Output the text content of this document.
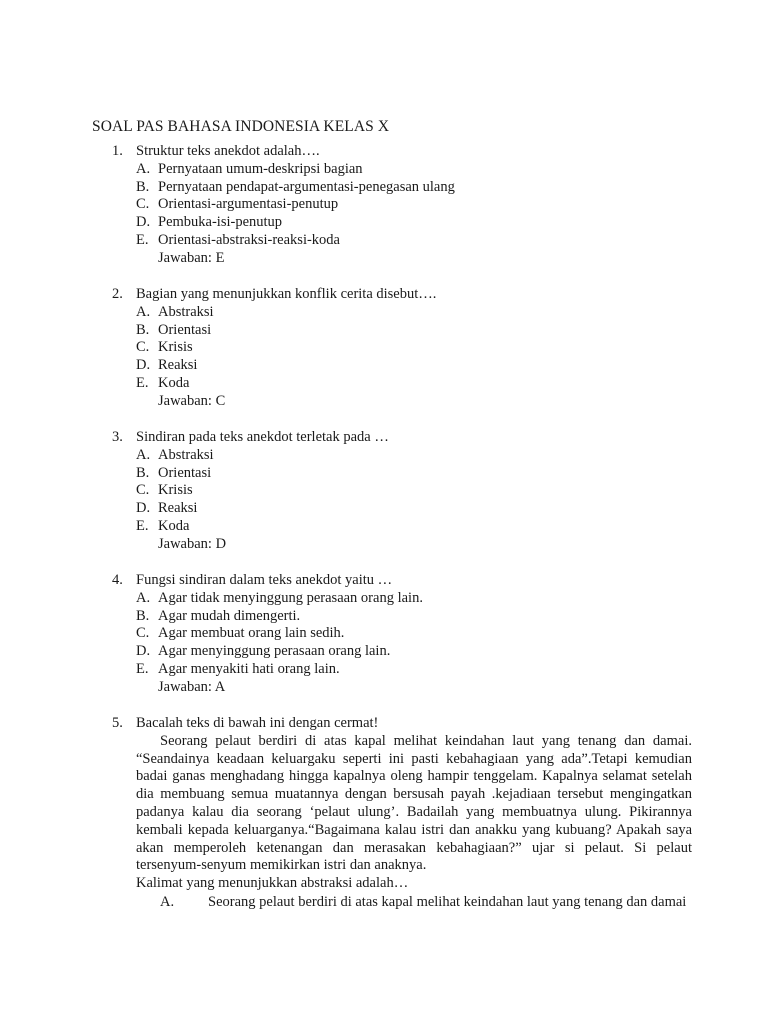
SOAL PAS BAHASA INDONESIA KELAS X
1. Struktur teks anekdot adalah….
A. Pernyataan umum-deskripsi bagian
B. Pernyataan pendapat-argumentasi-penegasan ulang
C. Orientasi-argumentasi-penutup
D. Pembuka-isi-penutup
E. Orientasi-abstraksi-reaksi-koda
Jawaban: E
2. Bagian yang menunjukkan konflik cerita disebut….
A. Abstraksi
B. Orientasi
C. Krisis
D. Reaksi
E. Koda
Jawaban: C
3. Sindiran pada teks anekdot terletak pada …
A. Abstraksi
B. Orientasi
C. Krisis
D. Reaksi
E. Koda
Jawaban: D
4. Fungsi sindiran dalam teks anekdot yaitu …
A. Agar tidak menyinggung perasaan orang lain.
B. Agar mudah dimengerti.
C. Agar membuat orang lain sedih.
D. Agar menyinggung perasaan orang lain.
E. Agar menyakiti hati orang lain.
Jawaban: A
5. Bacalah teks di bawah ini dengan cermat!
Seorang pelaut berdiri di atas kapal melihat keindahan laut yang tenang dan damai. “Seandainya keadaan keluargaku seperti ini pasti kebahagiaan yang ada”.Tetapi kemudian badai ganas menghadang hingga kapalnya oleng hampir tenggelam. Kapalnya selamat setelah dia membuang semua muatannya dengan bersusah payah .kejadiaan tersebut mengingatkan padanya kalau dia seorang ‘pelaut ulung’. Badailah yang membuatnya ulung. Pikirannya kembali kepada keluarganya.“Bagaimana kalau istri dan anakku yang kubuang? Apakah saya akan memperoleh ketenangan dan merasakan kebahagiaan?” ujar si pelaut. Si pelaut tersenyum-senyum memikirkan istri dan anaknya.
Kalimat yang menunjukkan abstraksi adalah…
A.	Seorang pelaut berdiri di atas kapal melihat keindahan laut yang tenang dan damai
